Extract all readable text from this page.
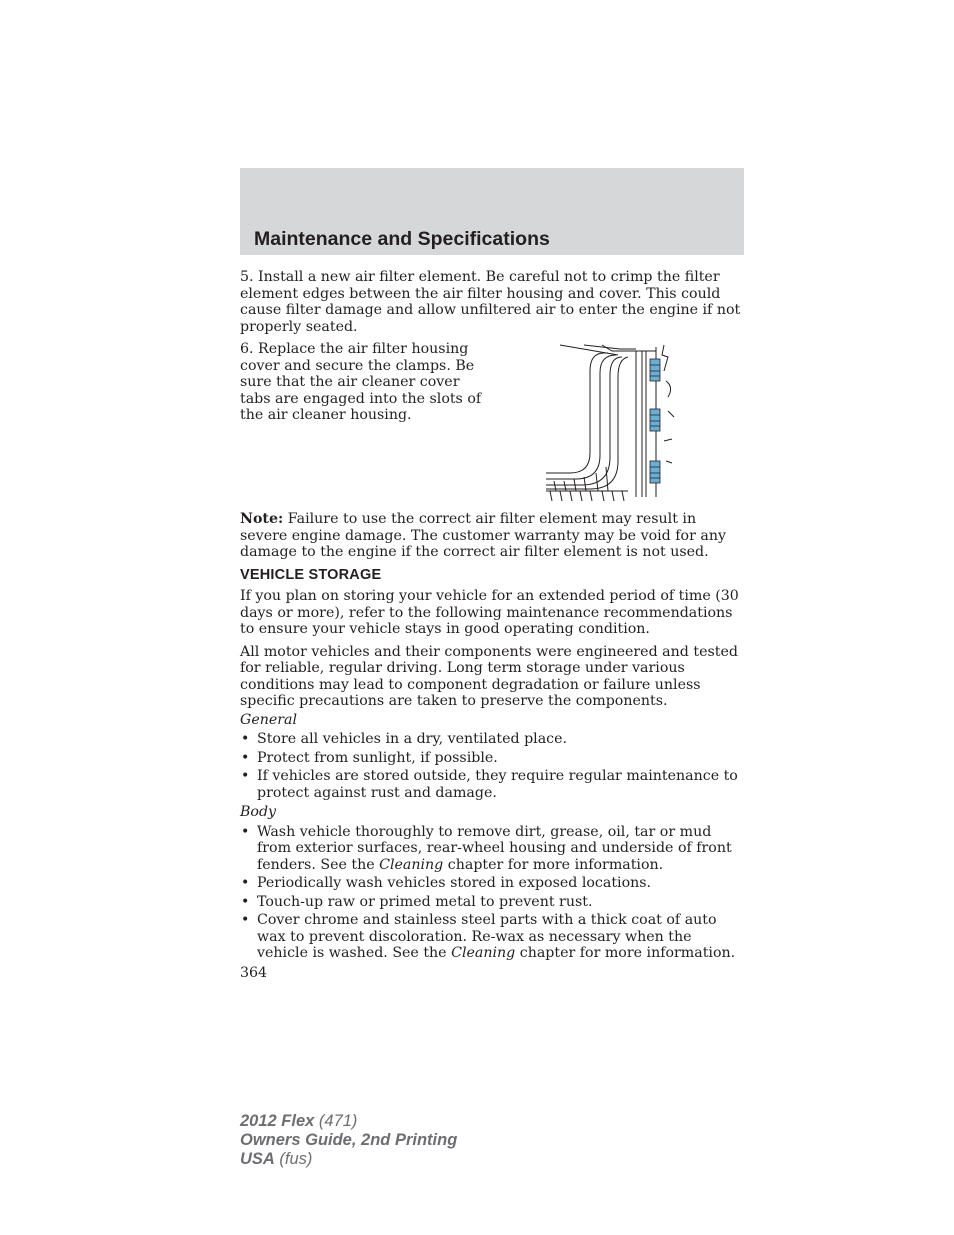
Maintenance and Specifications

5. Install a new air filter element. Be careful not to crimp the filter element edges between the air filter housing and cover. This could cause filter damage and allow unfiltered air to enter the engine if not properly seated.

6. Replace the air filter housing cover and secure the clamps. Be sure that the air cleaner cover tabs are engaged into the slots of the air cleaner housing.

Note: Failure to use the correct air filter element may result in severe engine damage. The customer warranty may be void for any damage to the engine if the correct air filter element is not used.

VEHICLE STORAGE

If you plan on storing your vehicle for an extended period of time (30 days or more), refer to the following maintenance recommendations to ensure your vehicle stays in good operating condition.

All motor vehicles and their components were engineered and tested for reliable, regular driving. Long term storage under various conditions may lead to component degradation or failure unless specific precautions are taken to preserve the components.

General
• Store all vehicles in a dry, ventilated place.
• Protect from sunlight, if possible.
• If vehicles are stored outside, they require regular maintenance to protect against rust and damage.
Body
• Wash vehicle thoroughly to remove dirt, grease, oil, tar or mud from exterior surfaces, rear-wheel housing and underside of front fenders. See the Cleaning chapter for more information.
• Periodically wash vehicles stored in exposed locations.
• Touch-up raw or primed metal to prevent rust.
• Cover chrome and stainless steel parts with a thick coat of auto wax to prevent discoloration. Re-wax as necessary when the vehicle is washed. See the Cleaning chapter for more information.
364
2012 Flex (471)
Owners Guide, 2nd Printing
USA (fus)
